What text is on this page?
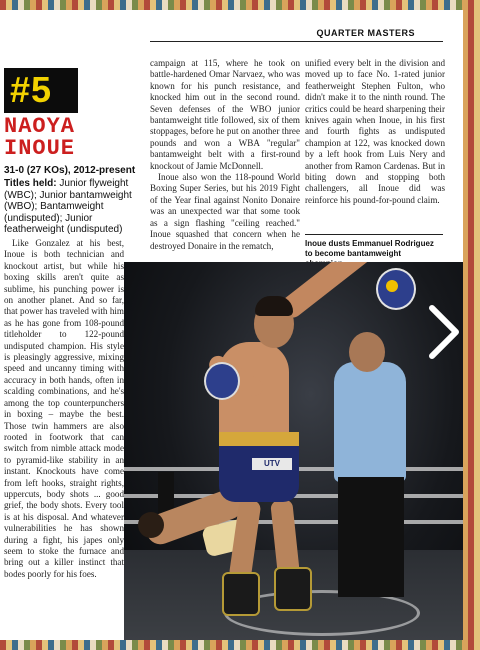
QUARTER MASTERS
#5
NAOYA
INOUE
31-0 (27 KOs), 2012-present
Titles held: Junior flyweight (WBC); Junior bantamweight (WBO); Bantamweight (undisputed); Junior featherweight (undisputed)

Like Gonzalez at his best, Inoue is both technician and knockout artist, but while his boxing skills aren't quite as sublime, his punching power is on another planet. And so far, that power has traveled with him as he has gone from 108-pound titleholder to 122-pound undisputed champion. His style is pleasingly aggressive, mixing speed and uncanny timing with accuracy in both hands, often in scalding combinations, and he's among the top counterpunchers in boxing – maybe the best. Those twin hammers are also rooted in footwork that can switch from nimble attack mode to pyramid-like stability in an instant. Knockouts have come from left hooks, straight rights, uppercuts, body shots ... good grief, the body shots. Every tool is at his disposal. And whatever vulnerabilities he has shown during a fight, his japes only seem to stoke the furnace and bring out a killer instinct that bodes poorly for his foes.

campaign at 115, where he took on battle-hardened Omar Narvaez, who was known for his punch resistance, and knocked him out in the second round. Seven defenses of the WBO junior bantamweight title followed, six of them stoppages, before he put on another three pounds and won a WBA "regular" bantamweight belt with a first-round knockout of Jamie McDonnell.

Inoue also won the 118-pound World Boxing Super Series, but his 2019 Fight of the Year final against Nonito Donaire was an unexpected war that some took as a sign flashing "ceiling reached." Inoue squashed that concern when he destroyed Donaire in the rematch,

unified every belt in the division and moved up to face No. 1-rated junior featherweight Stephen Fulton, who didn't make it to the ninth round. The critics could be heard sharpening their knives again when Inoue, in his first and fourth fights as undisputed champion at 122, was knocked down by a left hook from Luis Nery and another from Ramon Cardenas. But in biting down and stopping both challengers, all Inoue did was reinforce his pound-for-pound claim.

Inoue dusts Emmanuel Rodriguez to become bantamweight
UTV
